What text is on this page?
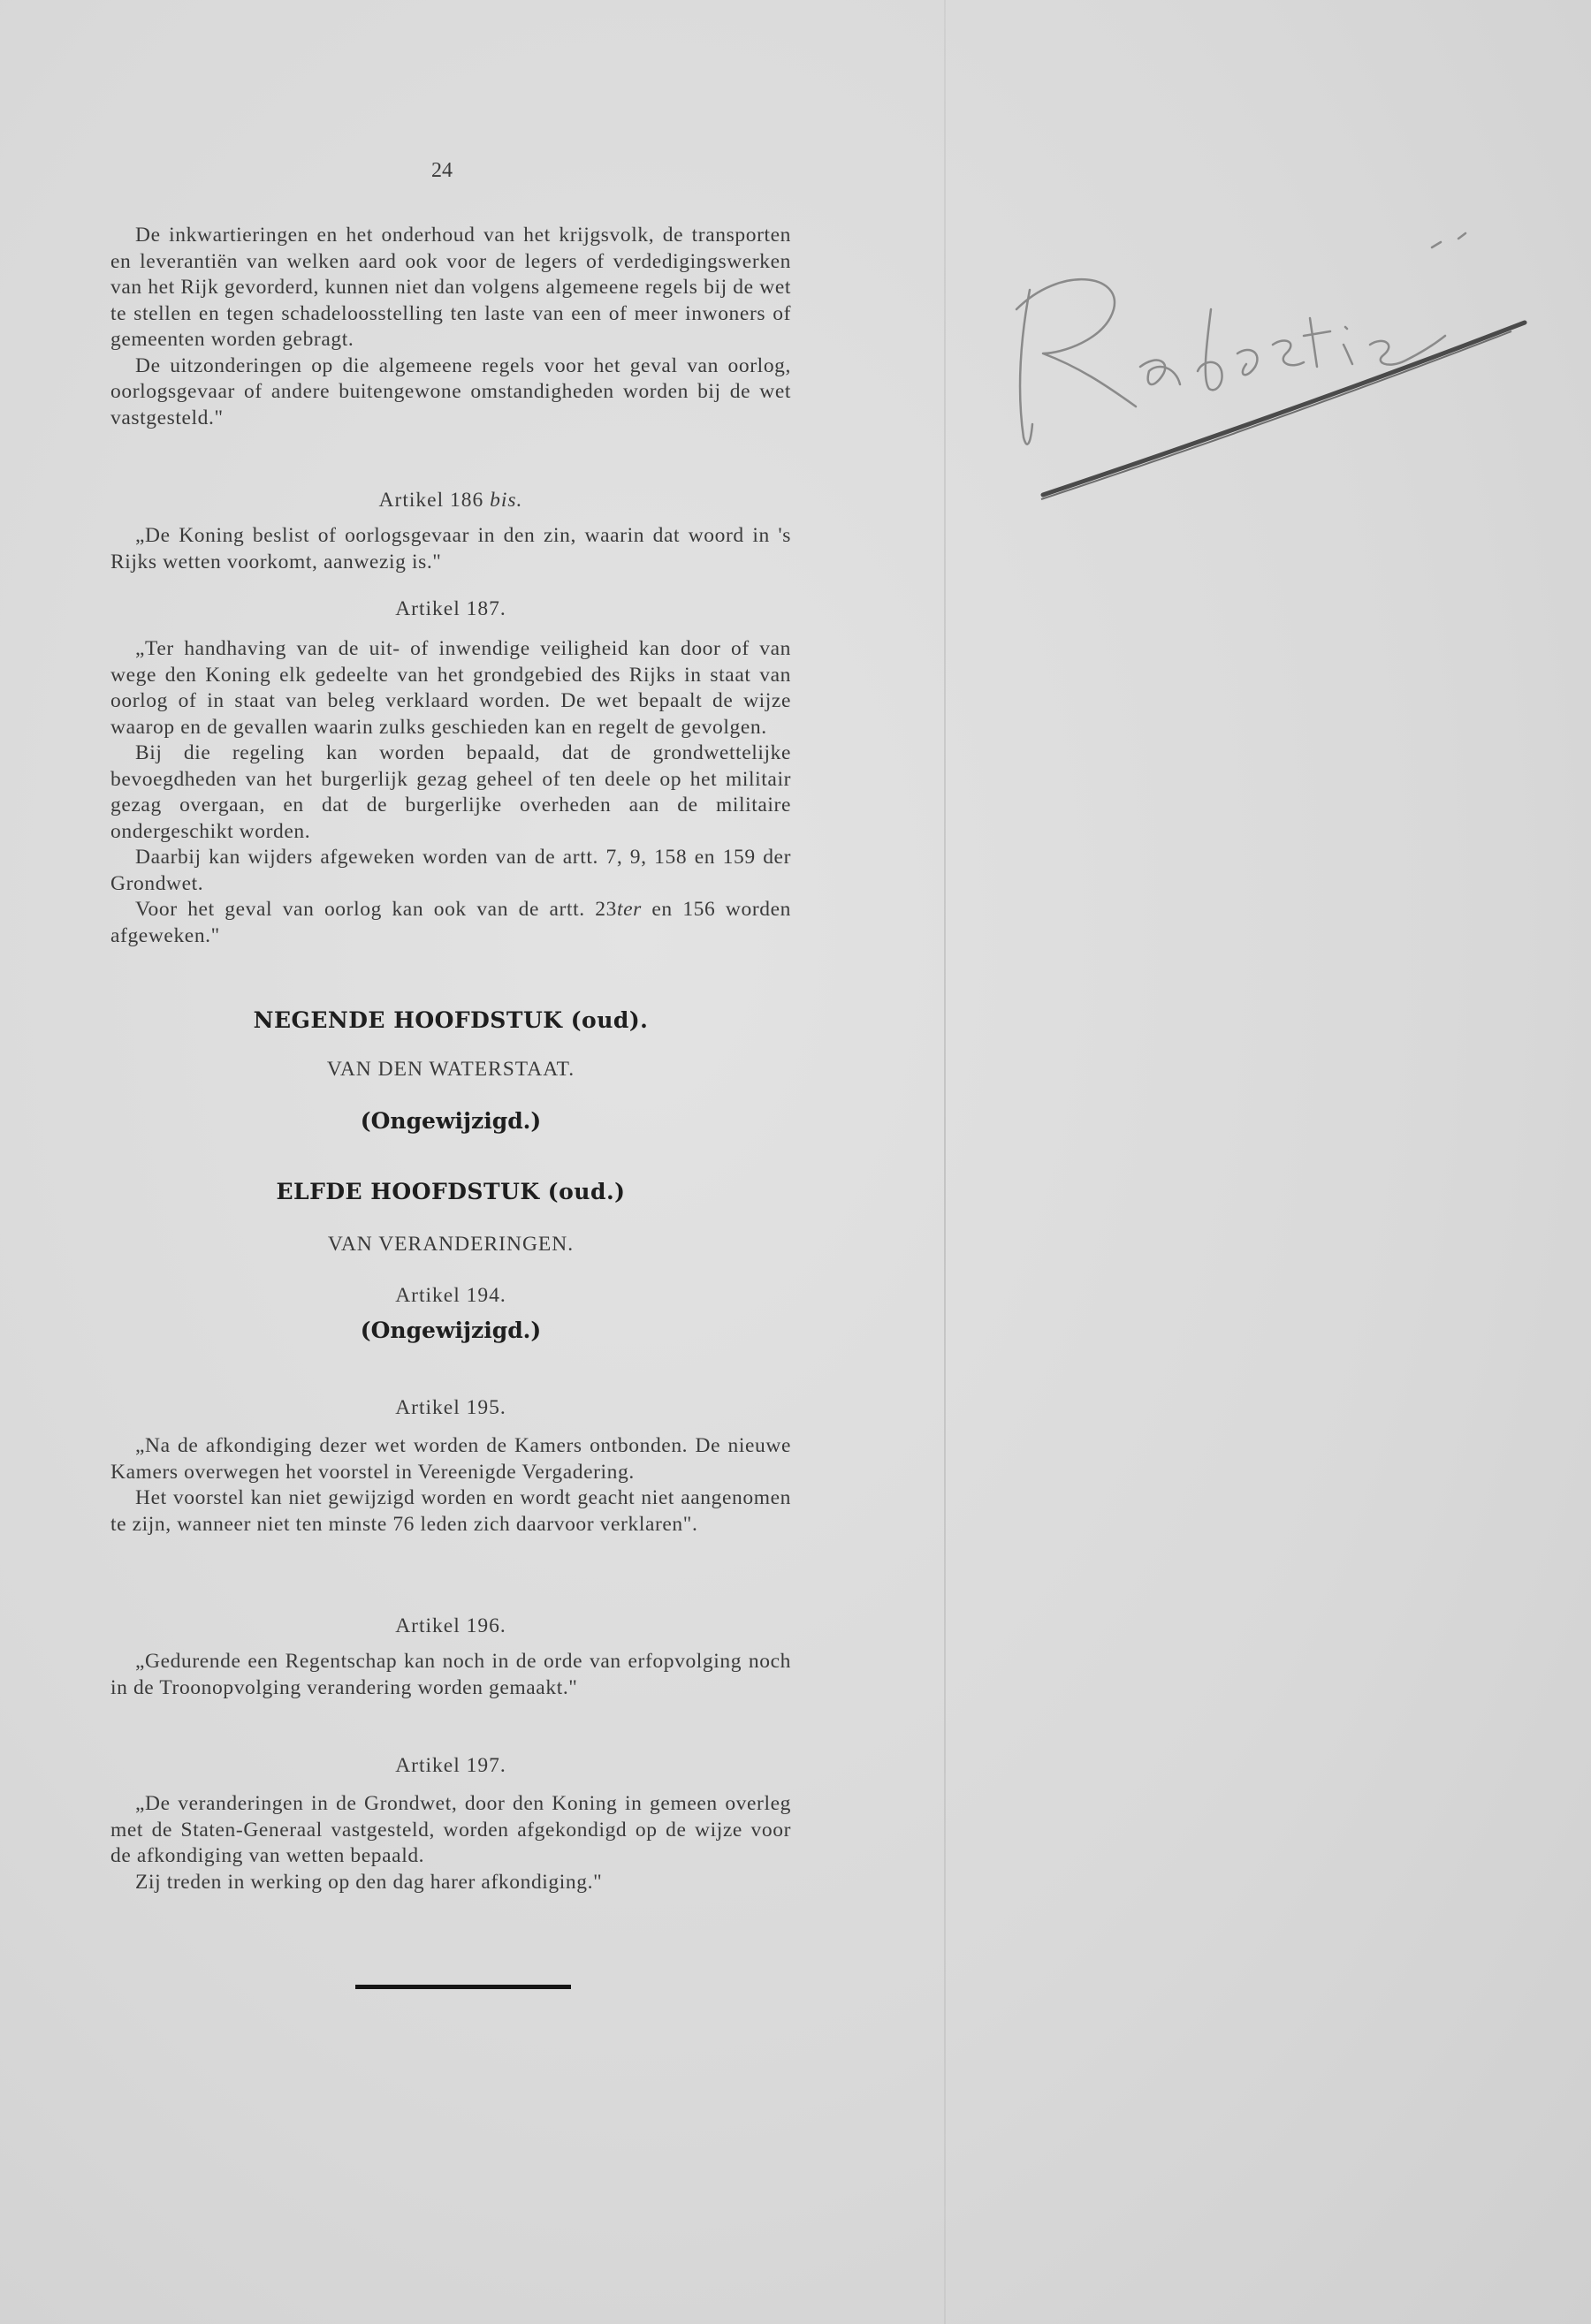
24

De inkwartieringen en het onderhoud van het krijgsvolk, de transporten en leverantiën van welken aard ook voor de legers of verdedigingswerken van het Rijk gevorderd, kunnen niet dan volgens algemeene regels bij de wet te stellen en tegen schadeloosstelling ten laste van een of meer inwoners of gemeenten worden gebragt.

De uitzonderingen op die algemeene regels voor het geval van oorlog, oorlogsgevaar of andere buitengewone omstandigheden worden bij de wet vastgesteld."

Artikel 186 bis.

„De Koning beslist of oorlogsgevaar in den zin, waarin dat woord in 's Rijks wetten voorkomt, aanwezig is."

Artikel 187.

„Ter handhaving van de uit- of inwendige veiligheid kan door of van wege den Koning elk gedeelte van het grondgebied des Rijks in staat van oorlog of in staat van beleg verklaard worden. De wet bepaalt de wijze waarop en de gevallen waarin zulks geschieden kan en regelt de gevolgen.

Bij die regeling kan worden bepaald, dat de grondwettelijke bevoegdheden van het burgerlijk gezag geheel of ten deele op het militair gezag overgaan, en dat de burgerlijke overheden aan de militaire ondergeschikt worden.

Daarbij kan wijders afgeweken worden van de artt. 7, 9, 158 en 159 der Grondwet.

Voor het geval van oorlog kan ook van de artt. 23ter en 156 worden afgeweken."

NEGENDE HOOFDSTUK (oud).
VAN DEN WATERSTAAT.
(Ongewijzigd.)
ELFDE HOOFDSTUK (oud.)
VAN VERANDERINGEN.
Artikel 194.
(Ongewijzigd.)
Artikel 195.

„Na de afkondiging dezer wet worden de Kamers ontbonden. De nieuwe Kamers overwegen het voorstel in Vereenigde Vergadering.

Het voorstel kan niet gewijzigd worden en wordt geacht niet aangenomen te zijn, wanneer niet ten minste 76 leden zich daarvoor verklaren".

Artikel 196.

„Gedurende een Regentschap kan noch in de orde van erfopvolging noch in de Troonopvolging verandering worden gemaakt."

Artikel 197.

„De veranderingen in de Grondwet, door den Koning in gemeen overleg met de Staten-Generaal vastgesteld, worden afgekondigd op de wijze voor de afkondiging van wetten bepaald.

Zij treden in werking op den dag harer afkondiging."
